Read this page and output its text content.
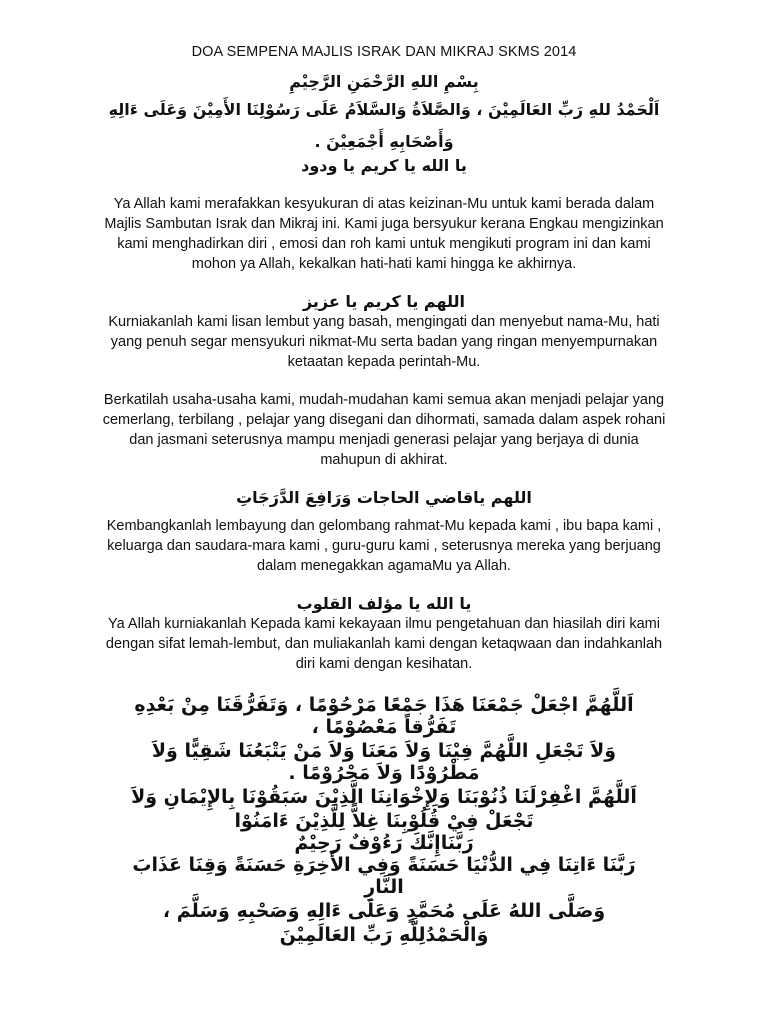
DOA SEMPENA MAJLIS ISRAK DAN MIKRAJ SKMS 2014
بِسْمِ اللهِ الرَّحْمَنِ الرَّحِيْمِ
اَلْحَمْدُ للهِ رَبِّ العَالَمِيْنَ ، وَالصَّلاَةُ وَالسَّلاَمُ عَلَى رَسُوْلِنَا الأَمِيْنَ وَعَلَى ءَالِهِ
وَأَصْحَابِهِ أَجْمَعِيْنَ .
يا الله يا كريم يا ودود
Ya Allah kami merafakkan kesyukuran di atas keizinan-Mu untuk kami berada dalam
Majlis Sambutan Israk dan Mikraj ini. Kami juga bersyukur kerana Engkau mengizinkan
kami menghadirkan diri , emosi dan roh kami untuk mengikuti program ini dan kami
mohon ya Allah, kekalkan hati-hati kami hingga ke akhirnya.
اللهم يا كريم يا عزيز
Kurniakanlah kami lisan lembut yang basah, mengingati dan menyebut nama-Mu, hati
yang penuh segar mensyukuri nikmat-Mu serta badan yang ringan menyempurnakan
ketaatan kepada perintah-Mu.
Berkatilah usaha-usaha kami, mudah-mudahan kami semua akan menjadi pelajar yang
cemerlang, terbilang , pelajar yang disegani dan dihormati, samada dalam aspek rohani
dan jasmani seterusnya mampu menjadi generasi pelajar yang berjaya di dunia
mahupun di akhirat.
اللهم ياقاضي الحاجات وَرَافِعَ الدَّرَجَاتِ
Kembangkanlah lembayung dan gelombang rahmat-Mu kepada kami , ibu bapa kami ,
keluarga dan saudara-mara kami , guru-guru kami , seterusnya mereka yang berjuang
dalam menegakkan agamaMu ya Allah.
يا الله يا مؤلف القلوب
Ya Allah kurniakanlah Kepada kami kekayaan ilmu pengetahuan dan hiasilah diri kami
dengan sifat lemah-lembut, dan muliakanlah kami dengan ketaqwaan dan indahkanlah
diri kami dengan kesihatan.
اَللَّهُمَّ اجْعَلْ جَمْعَنَا هَذَا جَمْعًا مَرْحُوْمًا ، وَتَفَرُّقَنَا مِنْ بَعْدِهِ
تَفَرُّقاً مَعْصُوْمًا ،
وَلاَ تَجْعَلِ اللَّهُمَّ فِيْنَا وَلاَ مَعَنَا وَلاَ مَنْ يَتْبَعُنَا شَقِيًّا وَلاَ
مَطْرُوْدًا وَلاَ مَحْرُوْمًا .
اَللَّهُمَّ اغْفِرْلَنَا ذُنُوْبَنَا وَلِإِخْوَانِنَا الَّذِيْنَ سَبَقُوْنَا بِالإِيْمَانِ وَلاَ
تَجْعَلْ فِيْ قُلُوْبِنَا غِلاًّ لِلَّذِيْنَ ءَامَنُوْا
رَبَّنَاإِنَّكَ رَءُوْفٌ رَحِيْمٌ
رَبَّنَا ءَاتِنَا فِي الدُّنْيَا حَسَنَةً وَفِي الأَخِرَةِ حَسَنَةً وَقِنَا عَذَابَ
النَّارِ
وَصَلَّى اللهُ عَلَى مُحَمَّدٍ وَعَلَى ءَالِهِ وَصَحْبِهِ وَسَلَّمَ ،
وَالْحَمْدُلِلَّهِ رَبِّ العَالَمِيْنَ
